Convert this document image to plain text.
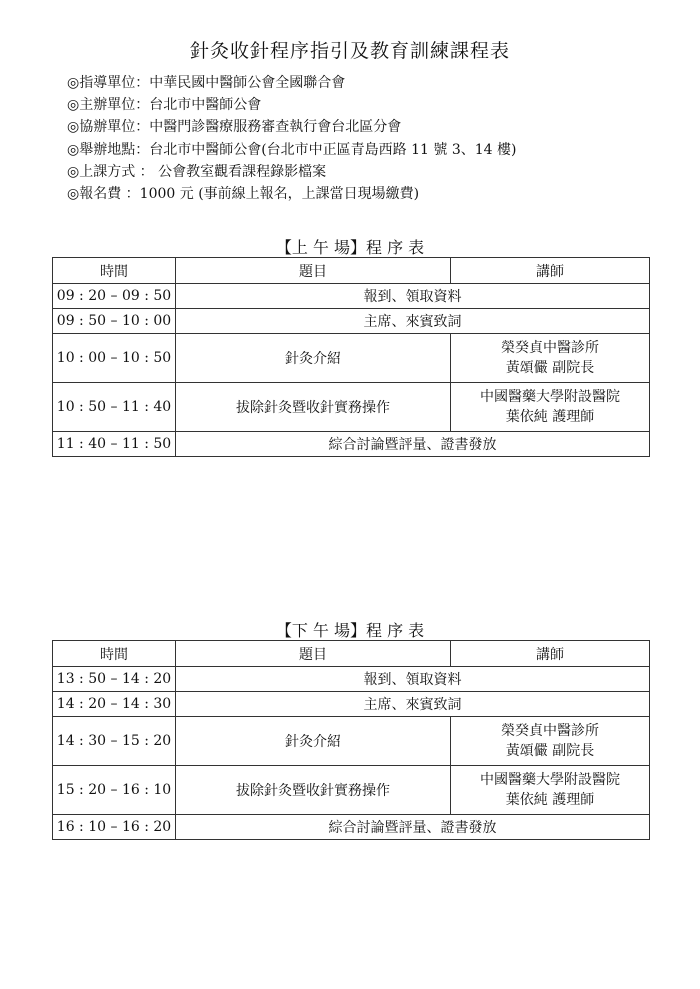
針灸收針程序指引及教育訓練課程表
◎指導單位：中華民國中醫師公會全國聯合會
◎主辦單位：台北市中醫師公會
◎協辦單位：中醫門診醫療服務審查執行會台北區分會
◎舉辦地點：台北市中醫師公會(台北市中正區青島西路 11 號 3、14 樓)
◎上課方式 ： 公會教室觀看課程錄影檔案
◎報名費 ：1000 元 (事前線上報名，上課當日現場繳費)
【上 午 場】程 序 表
時間	題目	講師
09 : 20 – 09 : 50	報到、領取資料	
09 : 50 – 10 : 00	主席、來賓致詞	
10 : 00 – 10 : 50	針灸介紹	榮癸貞中醫診所
黃頌儼 副院長

10 : 50 – 11 : 40	拔除針灸暨收針實務操作	中國醫藥大學附設醫院
葉依純 護理師

11 : 40 – 11 : 50	綜合討論暨評量、證書發放	
【下 午 場】程 序 表
時間	題目	講師
13 : 50 – 14 : 20	報到、領取資料	
14 : 20 – 14 : 30	主席、來賓致詞	
14 : 30 – 15 : 20	針灸介紹	榮癸貞中醫診所
黃頌儼 副院長

15 : 20 – 16 : 10	拔除針灸暨收針實務操作	中國醫藥大學附設醫院
葉依純 護理師

16 : 10 – 16 : 20	綜合討論暨評量、證書發放	
